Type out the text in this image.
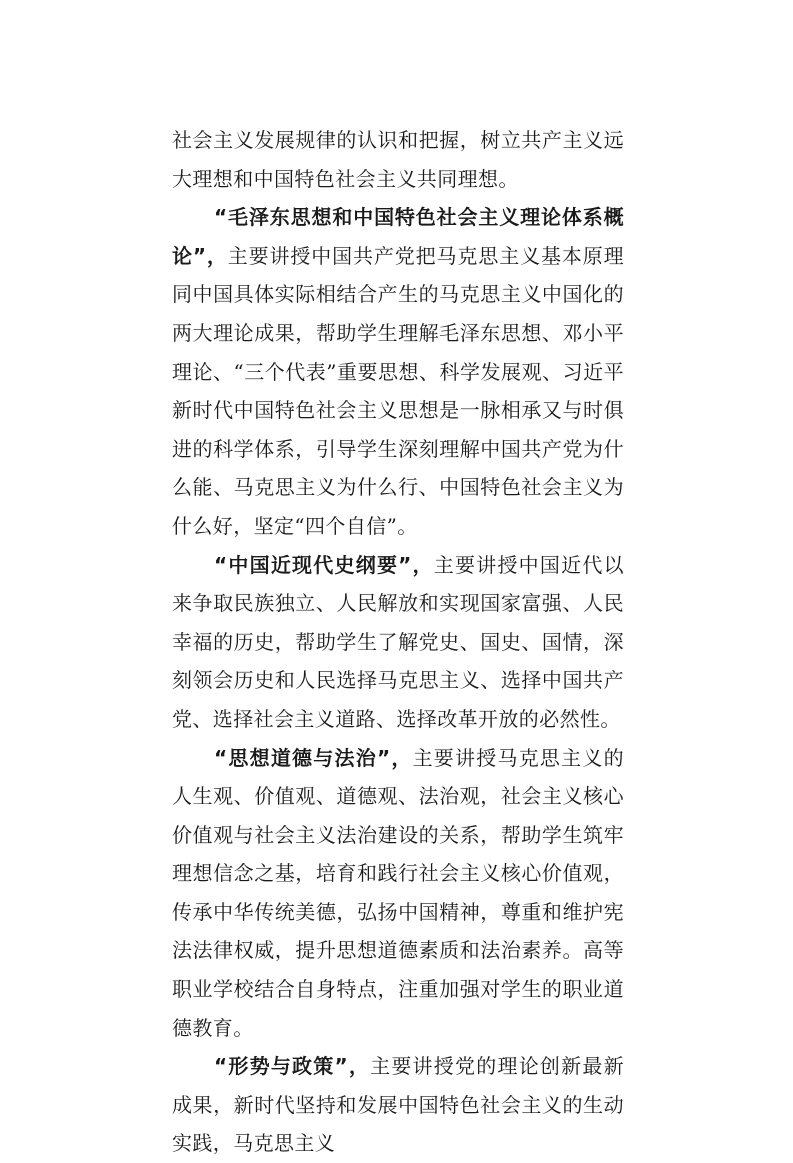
社会主义发展规律的认识和把握，树立共产主义远大理想和中国特色社会主义共同理想。

“毛泽东思想和中国特色社会主义理论体系概论”，主要讲授中国共产党把马克思主义基本原理同中国具体实际相结合产生的马克思主义中国化的两大理论成果，帮助学生理解毛泽东思想、邓小平理论、“三个代表”重要思想、科学发展观、习近平新时代中国特色社会主义思想是一脉相承又与时俱进的科学体系，引导学生深刻理解中国共产党为什么能、马克思主义为什么行、中国特色社会主义为什么好，坚定“四个自信”。

“中国近现代史纲要”，主要讲授中国近代以来争取民族独立、人民解放和实现国家富强、人民幸福的历史，帮助学生了解党史、国史、国情，深刻领会历史和人民选择马克思主义、选择中国共产党、选择社会主义道路、选择改革开放的必然性。

“思想道德与法治”，主要讲授马克思主义的人生观、价值观、道德观、法治观，社会主义核心价值观与社会主义法治建设的关系，帮助学生筑牢理想信念之基，培育和践行社会主义核心价值观，传承中华传统美德，弘扬中国精神，尊重和维护宪法法律权威，提升思想道德素质和法治素养。高等职业学校结合自身特点，注重加强对学生的职业道德教育。

“形势与政策”，主要讲授党的理论创新最新成果，新时代坚持和发展中国特色社会主义的生动实践，马克思主义
